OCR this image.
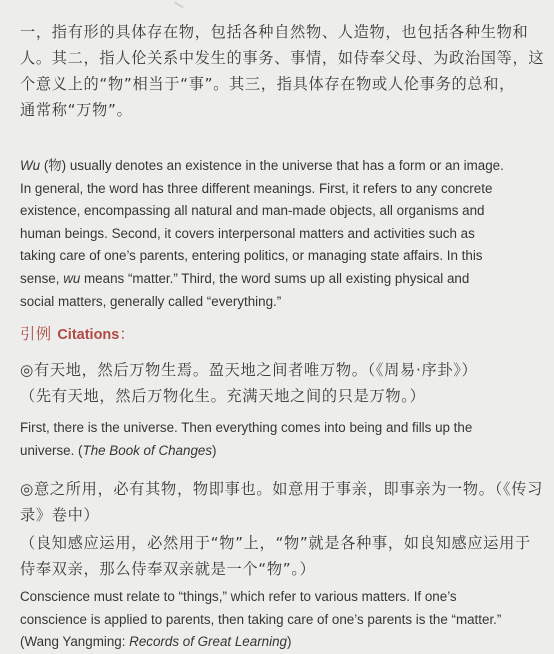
一，指有形的具体存在物，包括各种自然物、人造物，也包括各种生物和
人。其二，指人伦关系中发生的事务、事情，如侍奉父母、为政治国等，这
个意义上的“物”相当于“事”。其三，指具体存在物或人伦事务的总和，
通常称“万物”。
Wu (物) usually denotes an existence in the universe that has a form or an image.
In general, the word has three different meanings. First, it refers to any concrete
existence, encompassing all natural and man-made objects, all organisms and
human beings. Second, it covers interpersonal matters and activities such as
taking care of one’s parents, entering politics, or managing state affairs. In this
sense, wu means “matter.” Third, the word sums up all existing physical and
social matters, generally called “everything.”
引例 Citations：
◎有天地，然后万物生焉。盈天地之间者唯万物。（《周易·序卦》）
（先有天地，然后万物化生。充满天地之间的只是万物。）
First, there is the universe. Then everything comes into being and fills up the
universe. (The Book of Changes)
◎意之所用，必有其物，物即事也。如意用于事亲，即事亲为一物。（《传习
录》卷中）
（良知感应运用，必然用于“物”上，“物”就是各种事，如良知感应运用于
侍奉双亲，那么侍奉双亲就是一个“物”。）
Conscience must relate to “things,” which refer to various matters. If one’s
conscience is applied to parents, then taking care of one’s parents is the “matter.”
(Wang Yangming: Records of Great Learning)
